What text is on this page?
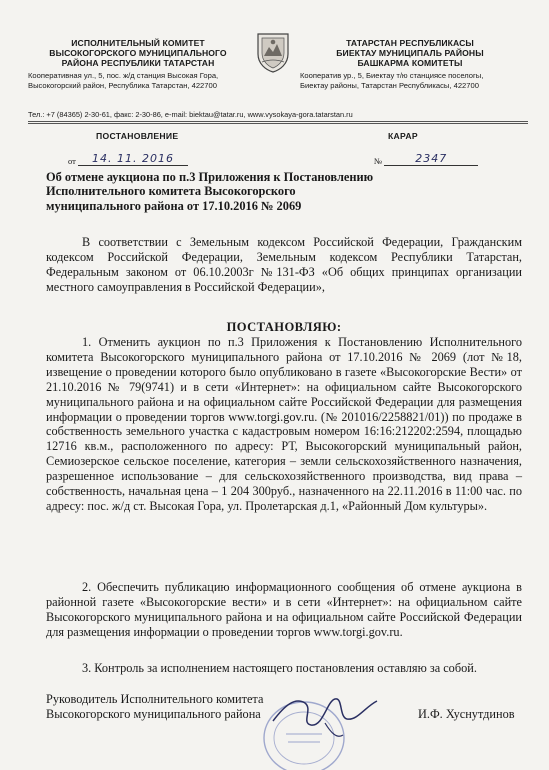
ИСПОЛНИТЕЛЬНЫЙ КОМИТЕТ
ВЫСОКОГОРСКОГО МУНИЦИПАЛЬНОГО
РАЙОНА РЕСПУБЛИКИ ТАТАРСТАН
Кооперативная ул., 5, пос. ж/д станция Высокая Гора,
Высокогорский район, Республика Татарстан, 422700
ТАТАРСТАН РЕСПУБЛИКАСЫ
БИЕКТАУ МУНИЦИПАЛЬ РАЙОНЫ
БАШКАРМА КОМИТЕТЫ
Кооператив ур., 5, Биектау т/ю станциясе поселогы,
Биектау районы, Татарстан Республикасы, 422700
Тел.: +7 (84365) 2-30-61, факс: 2-30-86, e-mail: biektau@tatar.ru, www.vysokaya-gora.tatarstan.ru
ПОСТАНОВЛЕНИЕ	КАРАР
от 14. 11. 2016	№	2347
Об отмене аукциона по п.3 Приложения к Постановлению
Исполнительного комитета Высокогорского
муниципального района от 17.10.2016 № 2069
В соответствии с Земельным кодексом Российской Федерации, Гражданским кодексом Российской Федерации, Земельным кодексом Республики Татарстан, Федеральным законом от 06.10.2003г №131-ФЗ «Об общих принципах организации местного самоуправления в Российской Федерации»,
ПОСТАНОВЛЯЮ:
1. Отменить аукцион по п.3 Приложения к Постановлению Исполнительного комитета Высокогорского муниципального района от 17.10.2016 № 2069 (лот №18, извещение о проведении которого было опубликовано в газете «Высокогорские Вести» от 21.10.2016 № 79(9741) и в сети «Интернет»: на официальном сайте Высокогорского муниципального района и на официальном сайте Российской Федерации для размещения информации о проведении торгов www.torgi.gov.ru. (№ 201016/2258821/01)) по продаже в собственность земельного участка с кадастровым номером 16:16:212202:2594, площадью 12716 кв.м., расположенного по адресу: РТ, Высокогорский муниципальный район, Семиозерское сельское поселение, категория – земли сельскохозяйственного назначения, разрешенное использование – для сельскохозяйственного производства, вид права – собственность, начальная цена – 1 204 300руб., назначенного на 22.11.2016 в 11:00 час. по адресу: пос. ж/д ст. Высокая Гора, ул. Пролетарская д.1, «Районный Дом культуры».
2. Обеспечить публикацию информационного сообщения об отмене аукциона в районной газете «Высокогорские вести» и в сети «Интернет»: на официальном сайте Высокогорского муниципального района и на официальном сайте Российской Федерации для размещения информации о проведении торгов www.torgi.gov.ru.
3. Контроль за исполнением настоящего постановления оставляю за собой.
Руководитель Исполнительного комитета
Высокогорского муниципального района	И.Ф. Хуснутдинов
